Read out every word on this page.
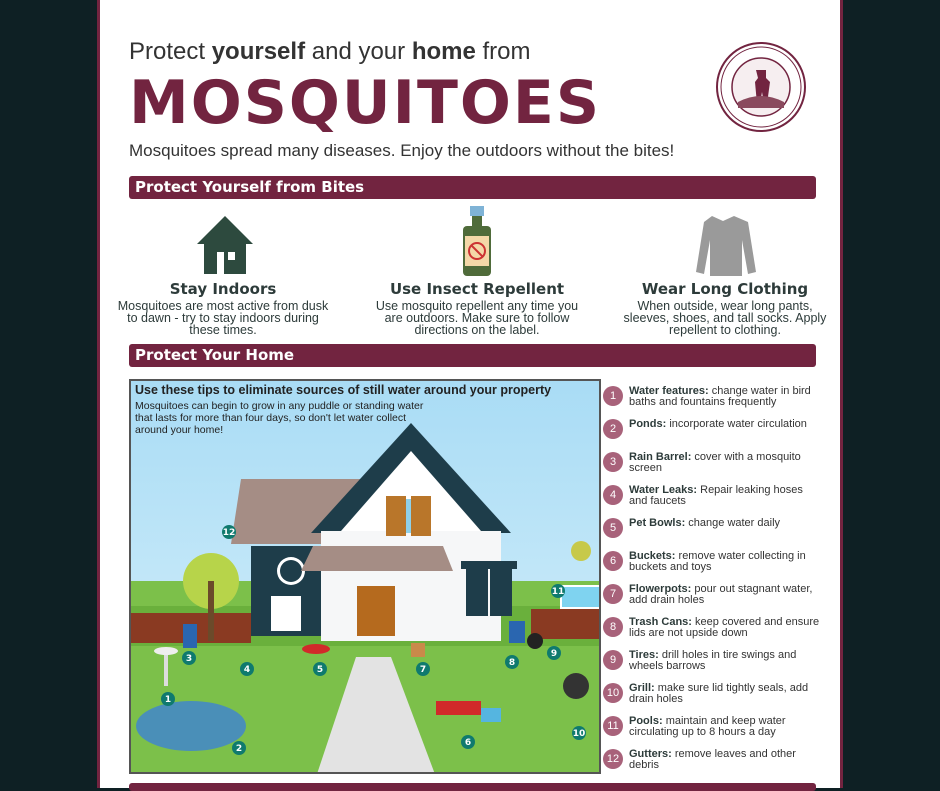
Protect yourself and your home from
MOSQUITOES
Mosquitoes spread many diseases. Enjoy the outdoors without the bites!
Protect Yourself from Bites
Stay Indoors
Mosquitoes are most active from dusk to dawn - try to stay indoors during these times.
Use Insect Repellent
Use mosquito repellent any time you are outdoors. Make sure to follow directions on the label.
Wear Long Clothing
When outside, wear long pants, sleeves, shoes, and tall socks. Apply repellent to clothing.
Protect Your Home
12
1
2
3
4	5
6
7
8
9
10
11
Use these tips to eliminate sources of still water around your property
Mosquitoes can begin to grow in any puddle or standing water that lasts for more than four days, so don't let water collect around your home!
1	Water features: change water in bird baths and fountains frequently
2	Ponds: incorporate water circulation
3	Rain Barrel: cover with a mosquito screen
4	Water Leaks: Repair leaking hoses and faucets
5	Pet Bowls: change water daily
6	Buckets: remove water collecting in buckets and toys
7	Flowerpots: pour out stagnant water, add drain holes
8	Trash Cans: keep covered and ensure lids are not upside down
9	Tires: drill holes in tire swings and wheels barrows
10 Grill: make sure lid tightly seals, add drain holes
11 Pools: maintain and keep water circulating up to 8 hours a day
12 Gutters: remove leaves and other debris
